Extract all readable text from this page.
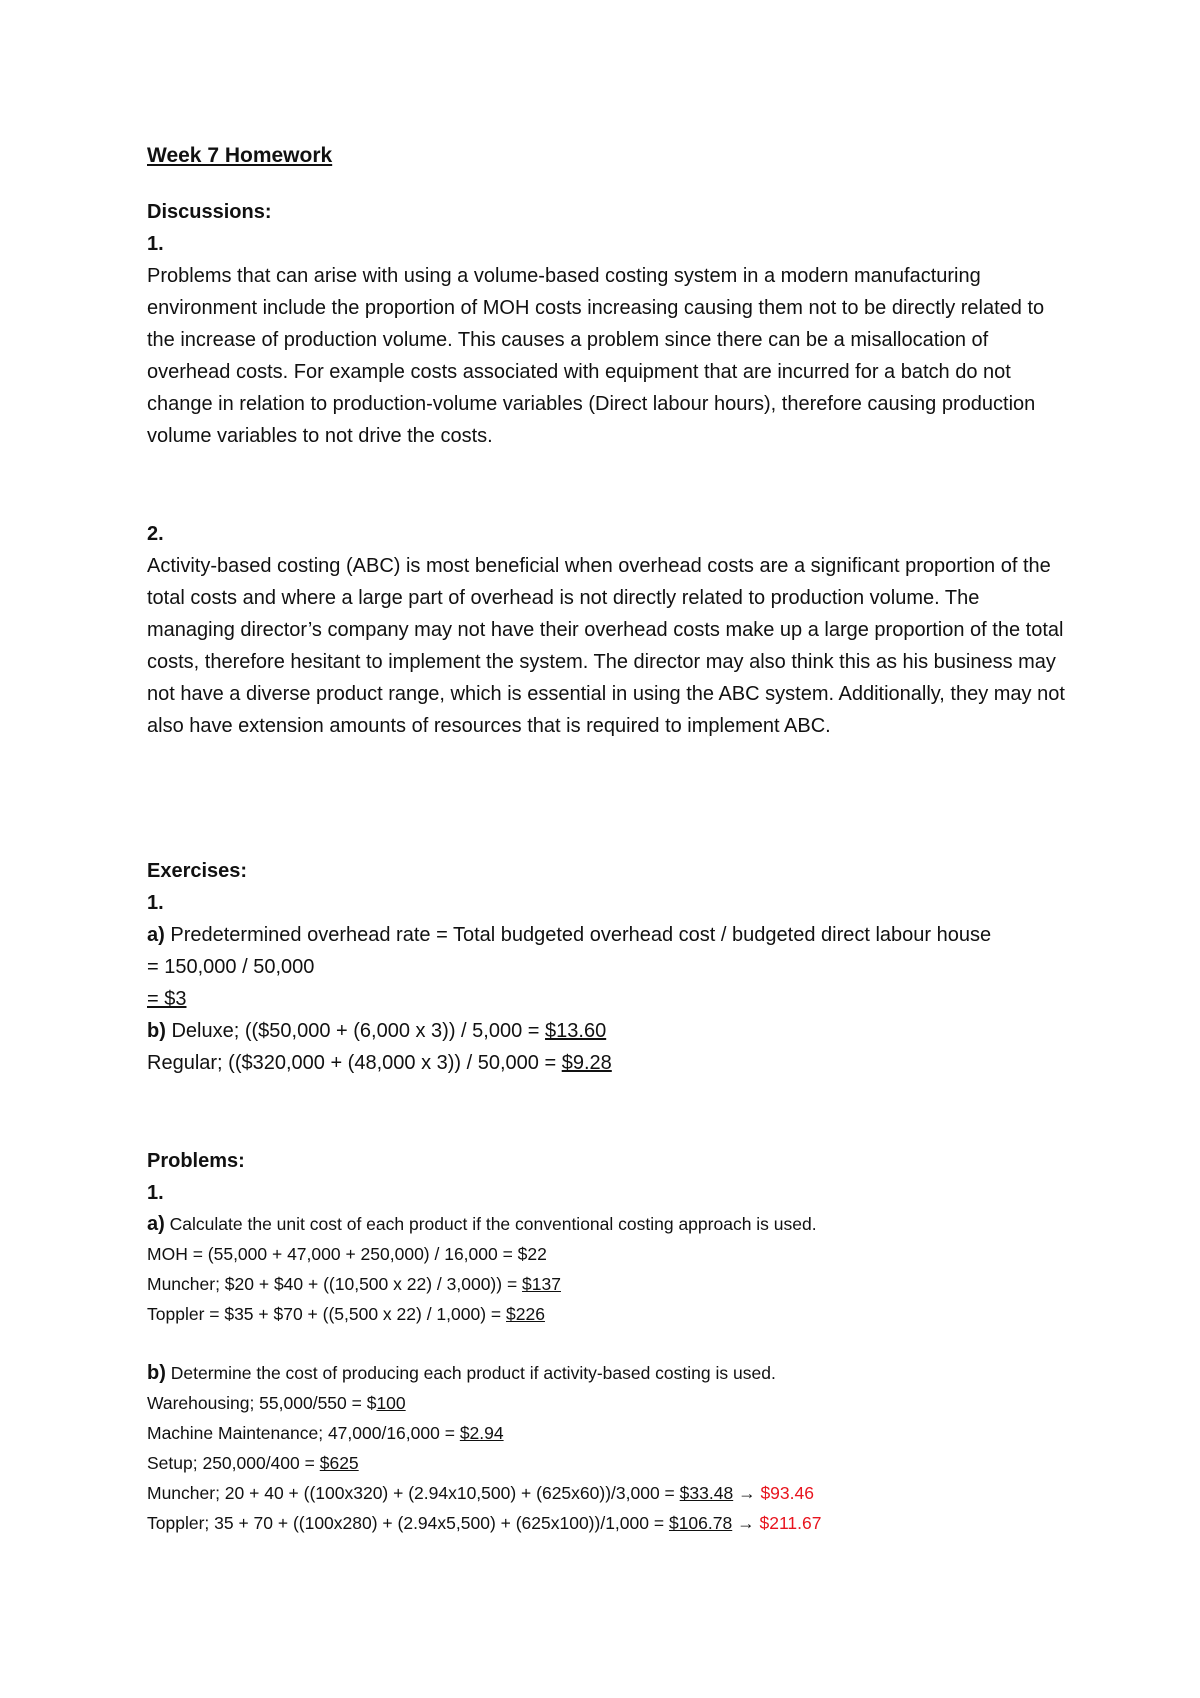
Week 7 Homework
Discussions:
1.
Problems that can arise with using a volume-based costing system in a modern manufacturing environment include the proportion of MOH costs increasing causing them not to be directly related to the increase of production volume. This causes a problem since there can be a misallocation of overhead costs. For example costs associated with equipment that are incurred for a batch do not change in relation to production-volume variables (Direct labour hours), therefore causing production volume variables to not drive the costs.
2.
Activity-based costing (ABC) is most beneficial when overhead costs are a significant proportion of the total costs and where a large part of overhead is not directly related to production volume. The managing director’s company may not have their overhead costs make up a large proportion of the total costs, therefore hesitant to implement the system. The director may also think this as his business may not have a diverse product range, which is essential in using the ABC system. Additionally, they may not also have extension amounts of resources that is required to implement ABC.
Exercises:
1.
a) Predetermined overhead rate = Total budgeted overhead cost / budgeted direct labour house
= 150,000 / 50,000
= $3
b) Deluxe; (($50,000 + (6,000 x 3)) / 5,000 = $13.60
Regular; (($320,000 + (48,000 x 3)) / 50,000 = $9.28
Problems:
1.
a) Calculate the unit cost of each product if the conventional costing approach is used.
MOH = (55,000 + 47,000 + 250,000) / 16,000 = $22
Muncher; $20 + $40 + ((10,500 x 22) / 3,000)) = $137
Toppler = $35 + $70 + ((5,500 x 22) / 1,000) = $226
b) Determine the cost of producing each product if activity-based costing is used.
Warehousing; 55,000/550 = $100
Machine Maintenance; 47,000/16,000 = $2.94
Setup; 250,000/400 = $625
Muncher; 20 + 40 + ((100x320) + (2.94x10,500) + (625x60))/3,000 = $33.48 → $93.46
Toppler; 35 + 70 + ((100x280) + (2.94x5,500) + (625x100))/1,000 = $106.78 → $211.67
